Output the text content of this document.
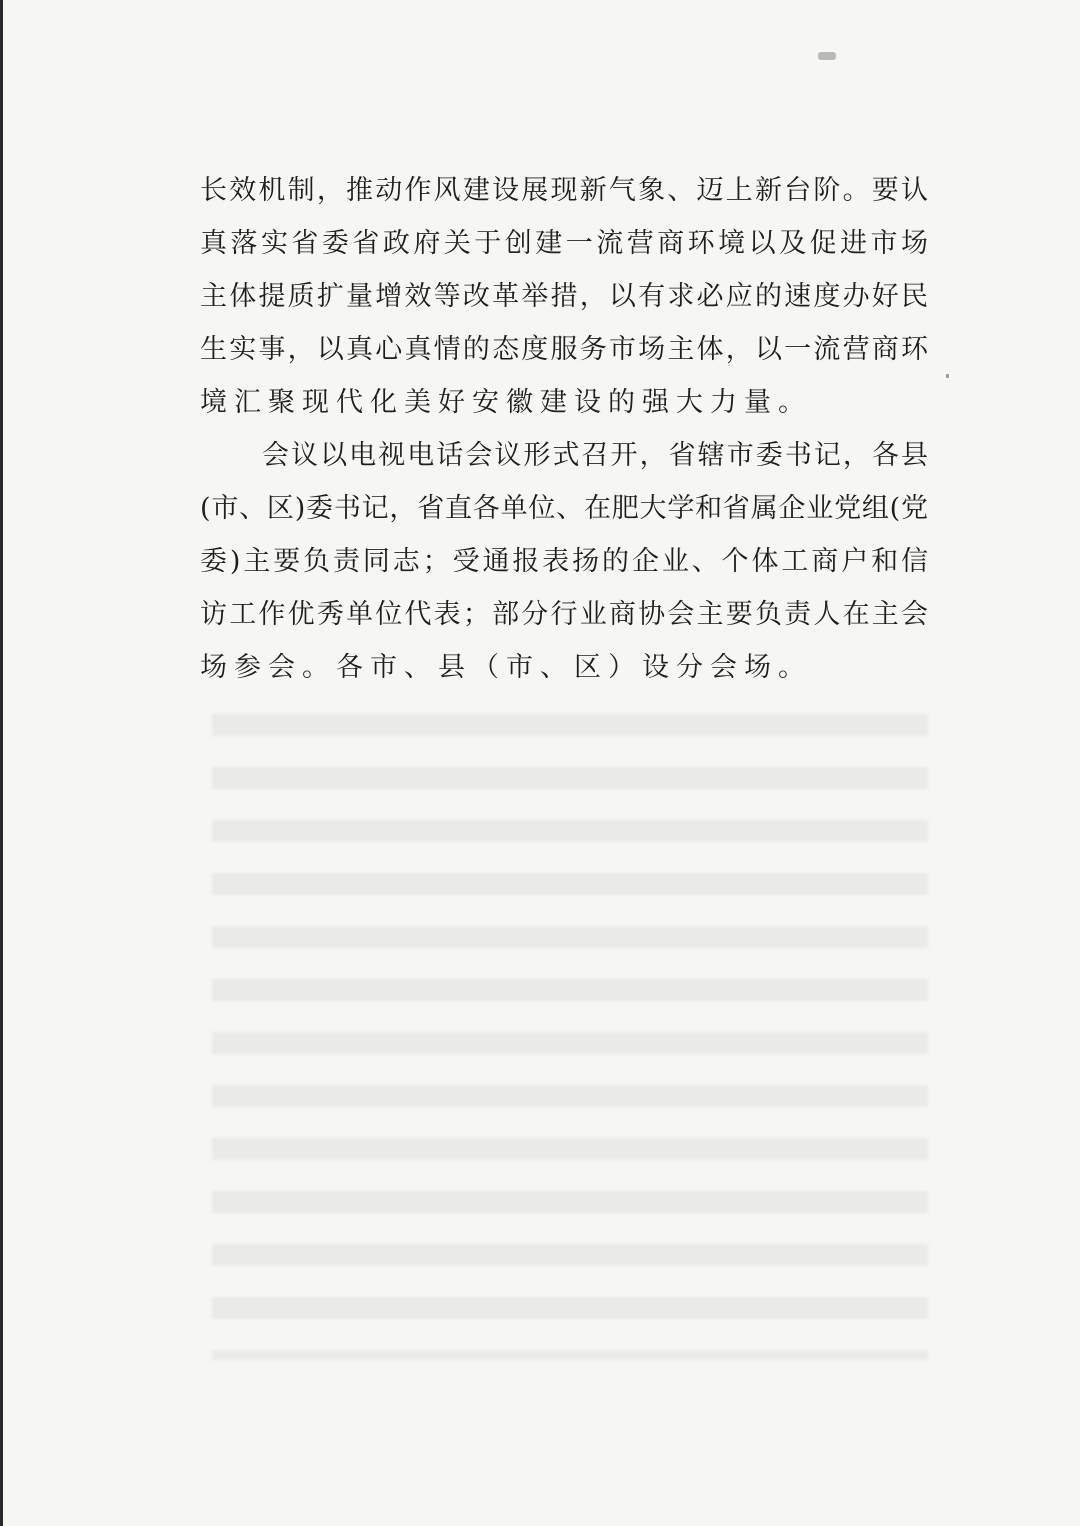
长效机制，推动作风建设展现新气象、迈上新台阶。要认
真落实省委省政府关于创建一流营商环境以及促进市场
主体提质扩量增效等改革举措，以有求必应的速度办好民
生实事，以真心真情的态度服务市场主体，以一流营商环
境汇聚现代化美好安徽建设的强大力量。
会议以电视电话会议形式召开，省辖市委书记，各县
(市、区)委书记，省直各单位、在肥大学和省属企业党组(党
委)主要负责同志；受通报表扬的企业、个体工商户和信
访工作优秀单位代表；部分行业商协会主要负责人在主会
场参会。各市、县（市、区）设分会场。
